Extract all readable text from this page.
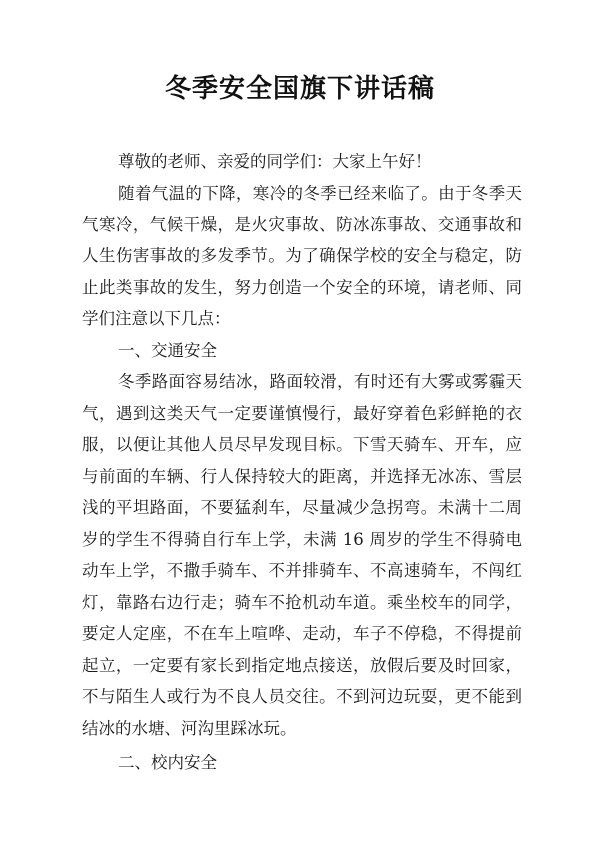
冬季安全国旗下讲话稿
尊敬的老师、亲爱的同学们：大家上午好！
随着气温的下降，寒冷的冬季已经来临了。由于冬季天
气寒冷，气候干燥，是火灾事故、防冰冻事故、交通事故和
人生伤害事故的多发季节。为了确保学校的安全与稳定，防
止此类事故的发生，努力创造一个安全的环境，请老师、同
学们注意以下几点：
一、交通安全
冬季路面容易结冰，路面较滑，有时还有大雾或雾霾天
气，遇到这类天气一定要谨慎慢行，最好穿着色彩鲜艳的衣
服，以便让其他人员尽早发现目标。下雪天骑车、开车，应
与前面的车辆、行人保持较大的距离，并选择无冰冻、雪层
浅的平坦路面，不要猛刹车，尽量减少急拐弯。未满十二周
岁的学生不得骑自行车上学，未满 16 周岁的学生不得骑电
动车上学，不撒手骑车、不并排骑车、不高速骑车，不闯红
灯，靠路右边行走；骑车不抢机动车道。乘坐校车的同学，
要定人定座，不在车上喧哗、走动，车子不停稳，不得提前
起立，一定要有家长到指定地点接送，放假后要及时回家，
不与陌生人或行为不良人员交往。不到河边玩耍，更不能到
结冰的水塘、河沟里踩冰玩。
二、校内安全
